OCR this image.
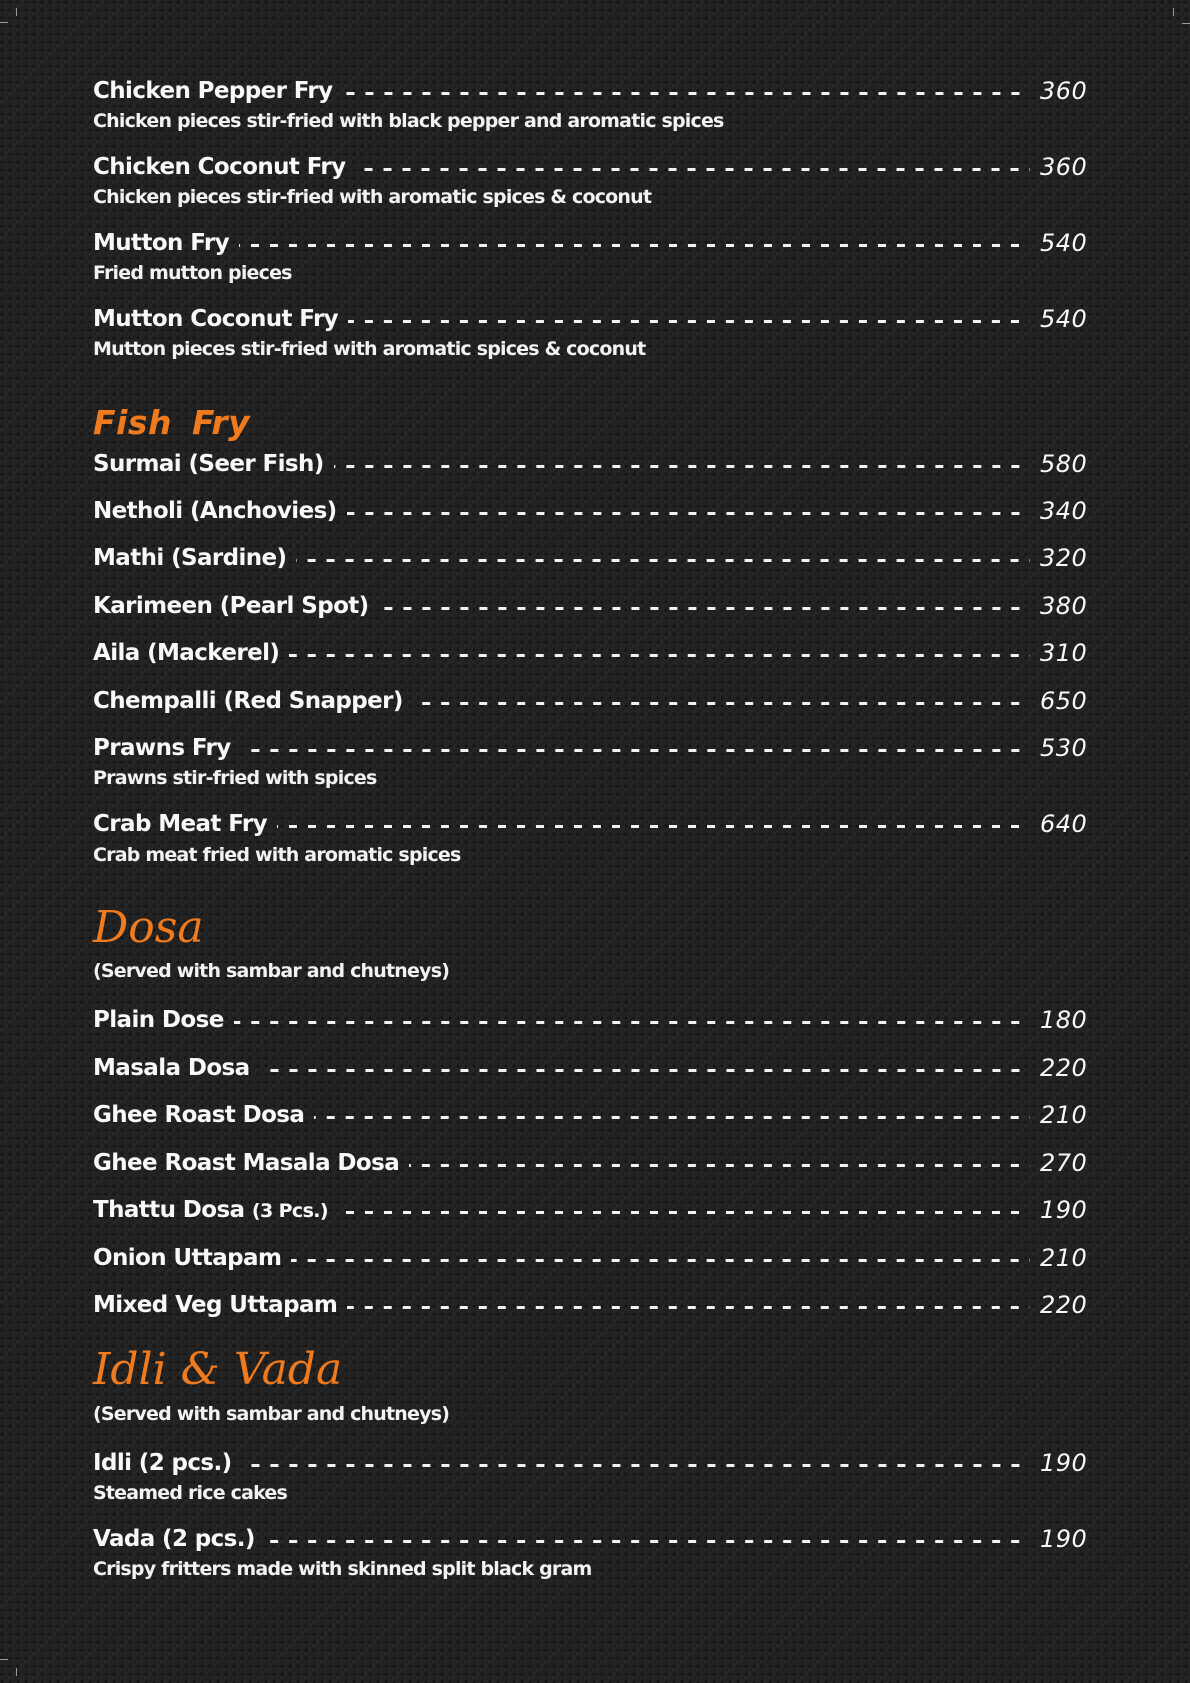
Chicken Pepper Fry	360
Chicken pieces stir-fried with black pepper and aromatic spices
Chicken Coconut Fry	360
Chicken pieces stir-fried with aromatic spices & coconut
Mutton Fry	540
Fried mutton pieces
Mutton Coconut Fry	540
Mutton pieces stir-fried with aromatic spices & coconut
Fish Fry
Surmai (Seer Fish)	580
Netholi (Anchovies)	340
Mathi (Sardine)	320
Karimeen (Pearl Spot)	380
Aila (Mackerel)	310
Chempalli (Red Snapper)	650
Prawns Fry	530
Prawns stir-fried with spices
Crab Meat Fry	640
Crab meat fried with aromatic spices
Dosa
(Served with sambar and chutneys)
Plain Dose	180
Masala Dosa	220
Ghee Roast Dosa	210
Ghee Roast Masala Dosa	270
Thattu Dosa (3 Pcs.)	190
Onion Uttapam	210
Mixed Veg Uttapam	220
Idli & Vada
(Served with sambar and chutneys)
Idli (2 pcs.)	190
Steamed rice cakes
Vada (2 pcs.)	190
Crispy fritters made with skinned split black gram
